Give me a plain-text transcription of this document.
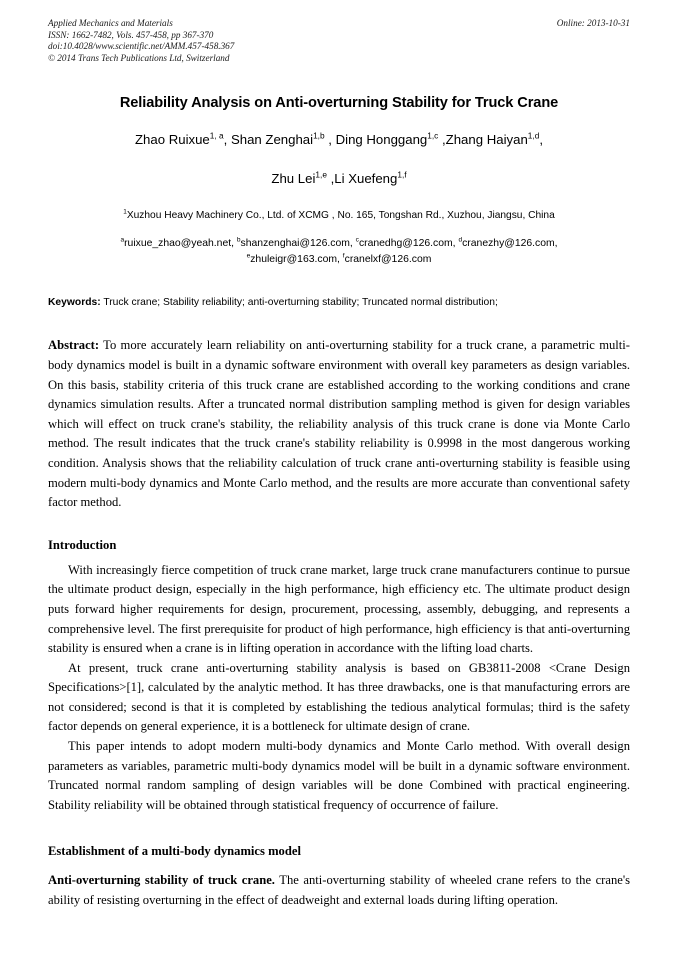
Applied Mechanics and Materials
ISSN: 1662-7482, Vols. 457-458, pp 367-370
doi:10.4028/www.scientific.net/AMM.457-458.367
© 2014 Trans Tech Publications Ltd, Switzerland
Online: 2013-10-31
Reliability Analysis on Anti-overturning Stability for Truck Crane
Zhao Ruixue$^{1, a}$, Shan Zenghai$^{1,b}$ , Ding Honggang$^{1,c}$ ,Zhang Haiyan$^{1,d}$,
Zhu Lei$^{1,e}$ ,Li Xuefeng$^{1,f}$
$^1$Xuzhou Heavy Machinery Co., Ltd. of XCMG , No. 165, Tongshan Rd., Xuzhou, Jiangsu, China
$^a$ruixue_zhao@yeah.net, $^b$shanzenghai@126.com, $^c$cranedhg@126.com, $^d$cranezhy@126.com,
$^e$zhuleigr@163.com, $^f$cranelxf@126.com
Keywords: Truck crane; Stability reliability; anti-overturning stability; Truncated normal distribution;
Abstract: To more accurately learn reliability on anti-overturning stability for a truck crane, a parametric multi-body dynamics model is built in a dynamic software environment with overall key parameters as design variables. On this basis, stability criteria of this truck crane are established according to the working conditions and crane dynamics simulation results. After a truncated normal distribution sampling method is given for design variables which will effect on truck crane's stability, the reliability analysis of this truck crane is done via Monte Carlo method. The result indicates that the truck crane's stability reliability is 0.9998 in the most dangerous working condition. Analysis shows that the reliability calculation of truck crane anti-overturning stability is feasible using modern multi-body dynamics and Monte Carlo method, and the results are more accurate than conventional safety factor method.
Introduction

With increasingly fierce competition of truck crane market, large truck crane manufacturers continue to pursue the ultimate product design, especially in the high performance, high efficiency etc. The ultimate product design puts forward higher requirements for design, procurement, processing, assembly, debugging, and represents a comprehensive level. The first prerequisite for product of high performance, high efficiency is that anti-overturning stability is ensured when a crane is in lifting operation in accordance with the lifting load charts.

At present, truck crane anti-overturning stability analysis is based on GB3811-2008 <Crane Design Specifications>[1], calculated by the analytic method. It has three drawbacks, one is that manufacturing errors are not considered; second is that it is completed by establishing the tedious analytical formulas; third is the safety factor depends on general experience, it is a bottleneck for ultimate design of crane.

This paper intends to adopt modern multi-body dynamics and Monte Carlo method. With overall design parameters as variables, parametric multi-body dynamics model will be built in a dynamic software environment. Truncated normal random sampling of design variables will be done Combined with practical engineering. Stability reliability will be obtained through statistical frequency of occurrence of failure.

Establishment of a multi-body dynamics model

Anti-overturning stability of truck crane. The anti-overturning stability of wheeled crane refers to the crane's ability of resisting overturning in the effect of deadweight and external loads during lifting operation.
